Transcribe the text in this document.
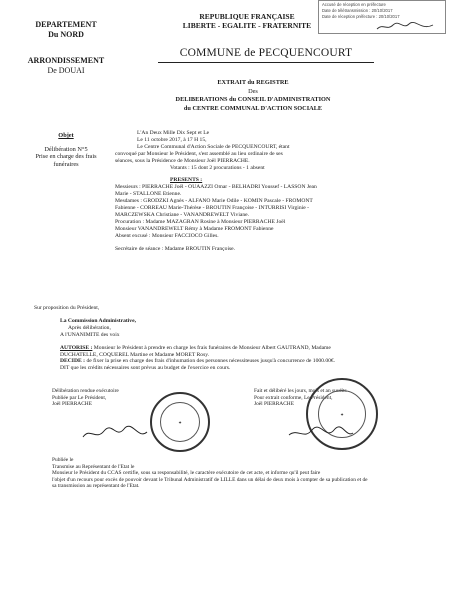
Accusé de réception en préfecture
Date de télétransmission : 20/10/2017
Date de réception préfecture : 20/10/2017
DEPARTEMENT
Du NORD
ARRONDISSEMENT
De DOUAI
REPUBLIQUE FRANÇAISE
LIBERTE - EGALITE - FRATERNITE
COMMUNE de PECQUENCOURT
EXTRAIT du REGISTRE
Des
DELIBERATIONS du CONSEIL D'ADMINISTRATION
du CENTRE COMMUNAL D'ACTION SOCIALE
Objet
Délibération N°5
Prise en charge des frais
funéraires

L'An Deux Mille Dix Sept et Le

Le 11 octobre 2017, à 17 H 15,

Le Centre Communal d'Action Sociale de PECQUENCOURT, étant

convoqué par Monsieur le Président, s'est assemblé au lieu ordinaire de ses

séances, sous la Présidence de Monsieur Joël PIERRACHE.

Votants : 15 dont 2 procurations - 1 absent

PRESENTS :

Messieurs : PIERRACHE Joël - OUAAZZI Omar - BELHADRI Youssef - LASSON Jean

Marie - STALLONE Etienne.

Mesdames : GRODZKI Agnès - ALFANO Marie Odile - KOMIN Pascale - FROMONT

Fabienne - CORREAU Marie-Thérèse - BROUTIN Françoise - INTURRISI Virginie -

MARCZEWSKA Christiane - VANANDREWELT Viviane.

Procuration : Madame MAZAGRAN Rosine à Monsieur PIERRACHE Joël

Monsieur VANANDREWELT Rémy à Madame FROMONT Fabienne

Absent excusé : Monsieur FACCIOCO Gilles.

Secrétaire de séance : Madame BROUTIN Françoise.

Sur proposition du Président,

La Commission Administrative,

Après délibération,

A l'UNANIMITE des voix

AUTORISE : Monsieur le Président à prendre en charge les frais funéraires de Monsieur Albert GAUTRAND, Madame

DUCHATELLE, COQUEREL Martine et Madame MORET Rosy.

DECIDE : de fixer la prise en charge des frais d'inhumation des personnes nécessiteuses jusqu'à concurrence de 1000.00€.

DIT que les crédits nécessaires sont prévus au budget de l'exercice en cours.

Délibération rendue exécutoire
Publiée par Le Président,
Joël PIERRACHE
✦
Fait et délibéré les jours, mois et an susdits
Pour extrait conforme, Le Président,
Joël PIERRACHE
✦

Publiée le

Transmise au Représentant de l'Etat le

Monsieur le Président du CCAS certifie, sous sa responsabilité, le caractère exécutoire de cet acte, et informe qu'il peut faire

l'objet d'un recours pour excès de pouvoir devant le Tribunal Administratif de LILLE dans un délai de deux mois à compter de sa publication et de

sa transmission au représentant de l'Etat.
